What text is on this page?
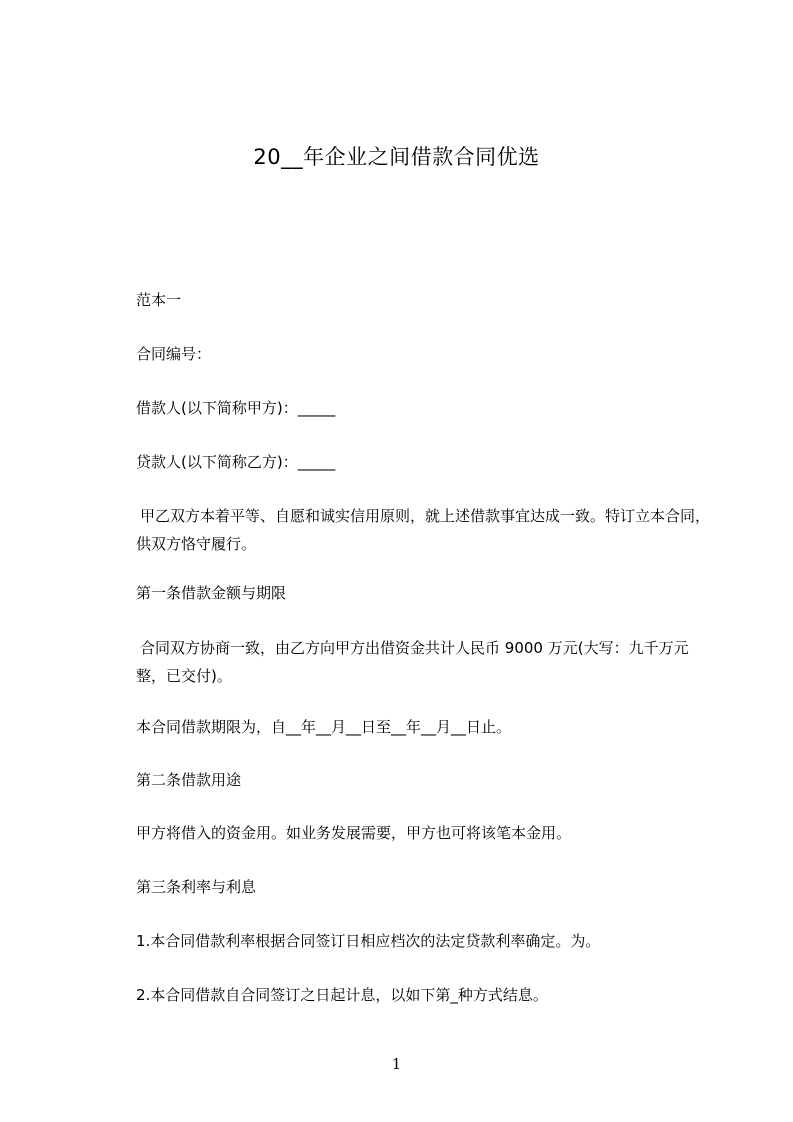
20__年企业之间借款合同优选
范本一
合同编号：
借款人(以下简称甲方)：_____
贷款人(以下简称乙方)：_____
甲乙双方本着平等、自愿和诚实信用原则，就上述借款事宜达成一致。特订立本合同，供双方恪守履行。
第一条借款金额与期限
合同双方协商一致，由乙方向甲方出借资金共计人民币 9000 万元(大写：九千万元整，已交付)。
本合同借款期限为，自__年__月__日至__年__月__日止。
第二条借款用途
甲方将借入的资金用。如业务发展需要，甲方也可将该笔本金用。
第三条利率与利息
1.本合同借款利率根据合同签订日相应档次的法定贷款利率确定。为。
2.本合同借款自合同签订之日起计息，以如下第_种方式结息。
1
